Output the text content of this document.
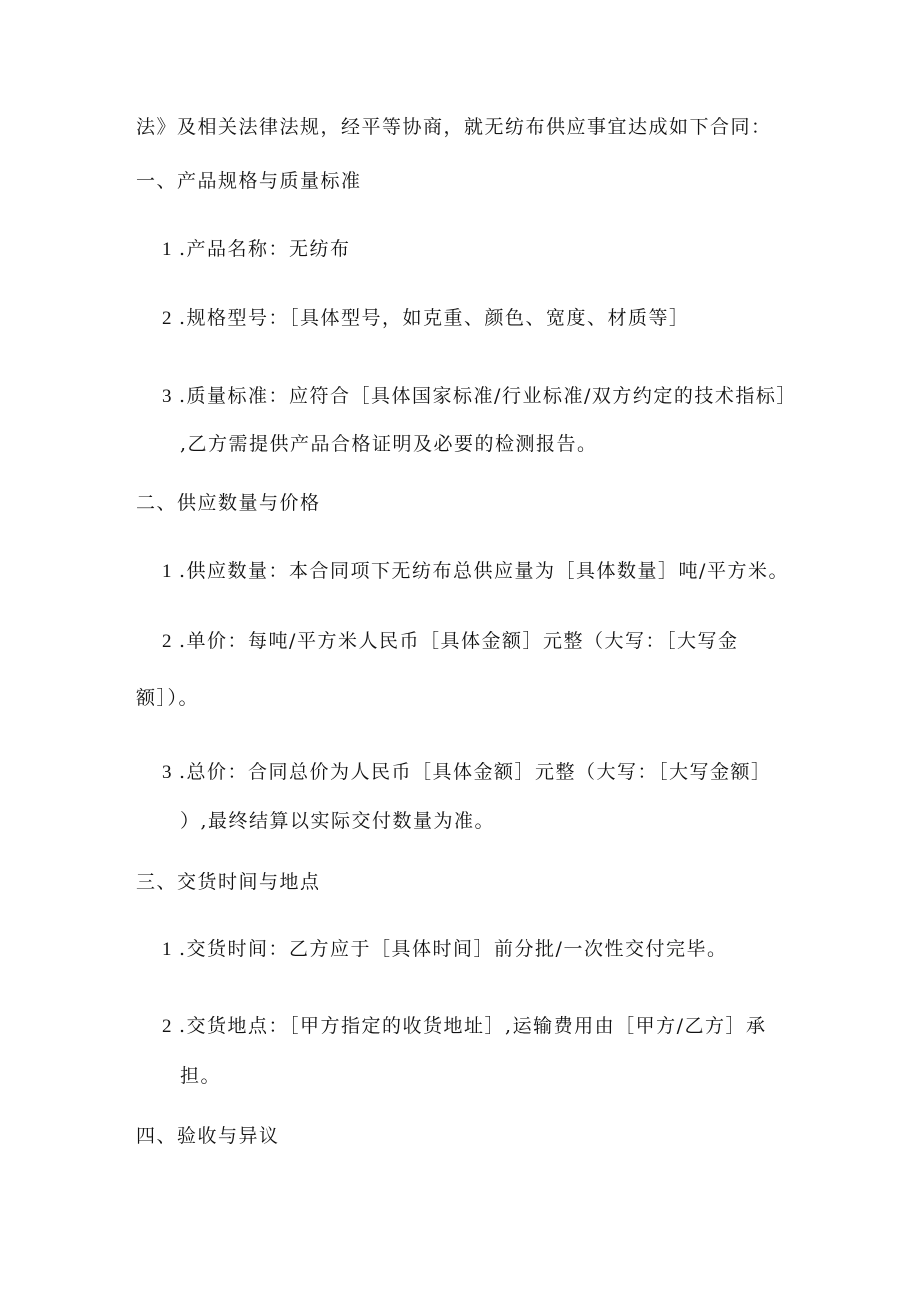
法》及相关法律法规，经平等协商，就无纺布供应事宜达成如下合同：
一、产品规格与质量标准
1 .产品名称：无纺布
2 .规格型号：［具体型号，如克重、颜色、宽度、材质等］
3 .质量标准：应符合［具体国家标准/行业标准/双方约定的技术指标］
,乙方需提供产品合格证明及必要的检测报告。
二、供应数量与价格
1 .供应数量：本合同项下无纺布总供应量为［具体数量］吨/平方米。
2 .单价：每吨/平方米人民币［具体金额］元整（大写：［大写金
额］）。
3 .总价：合同总价为人民币［具体金额］元整（大写：［大写金额］
）,最终结算以实际交付数量为准。
三、交货时间与地点
1 .交货时间：乙方应于［具体时间］前分批/一次性交付完毕。
2 .交货地点：［甲方指定的收货地址］,运输费用由［甲方/乙方］承
担。
四、验收与异议
